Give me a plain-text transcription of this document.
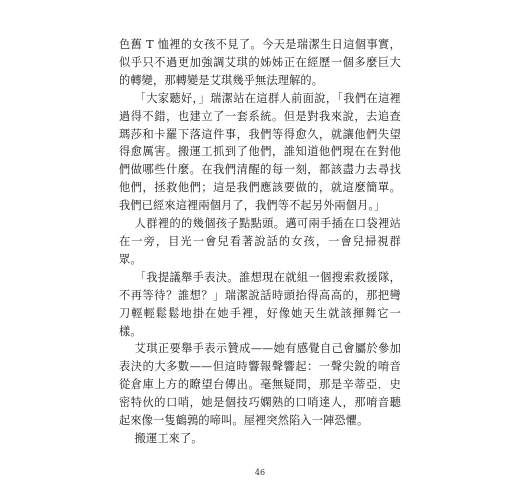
色舊 T 恤裡的女孩不見了。今天是瑞潔生日這個事實，似乎只不過更加強調艾琪的姊姊正在經歷一個多麼巨大的轉變，那轉變是艾琪幾乎無法理解的。

「大家聽好，」瑞潔站在這群人前面說，「我們在這裡過得不錯，也建立了一套系統。但是對我來說，去追查瑪莎和卡羅下落這件事，我們等得愈久，就讓他們失望得愈厲害。搬運工抓到了他們，誰知道他們現在在對他們做哪些什麼。在我們清醒的每一刻，都該盡力去尋找他們，拯救他們；這是我們應該要做的，就這麼簡單。我們已經來這裡兩個月了，我們等不起另外兩個月。」

人群裡的的幾個孩子點點頭。邁可兩手插在口袋裡站在一旁，目光一會兒看著說話的女孩，一會兒掃視群眾。

「我提議舉手表決。誰想現在就組一個搜索救援隊，不再等待？誰想？」瑞潔說話時頭抬得高高的，那把彎刀輕輕鬆鬆地掛在她手裡，好像她天生就該揮舞它一樣。

艾琪正要舉手表示贊成——她有感覺自己會屬於參加表決的大多數——但這時響報聲響起：一聲尖銳的唷音從倉庫上方的瞭望台傳出。毫無疑問，那是辛蒂亞．史密特伙的口哨，她是個技巧嫻熟的口哨達人，那唷音聽起來像一隻鶴鶉的啼叫。屋裡突然陷入一陣恐懼。

搬運工來了。

46
